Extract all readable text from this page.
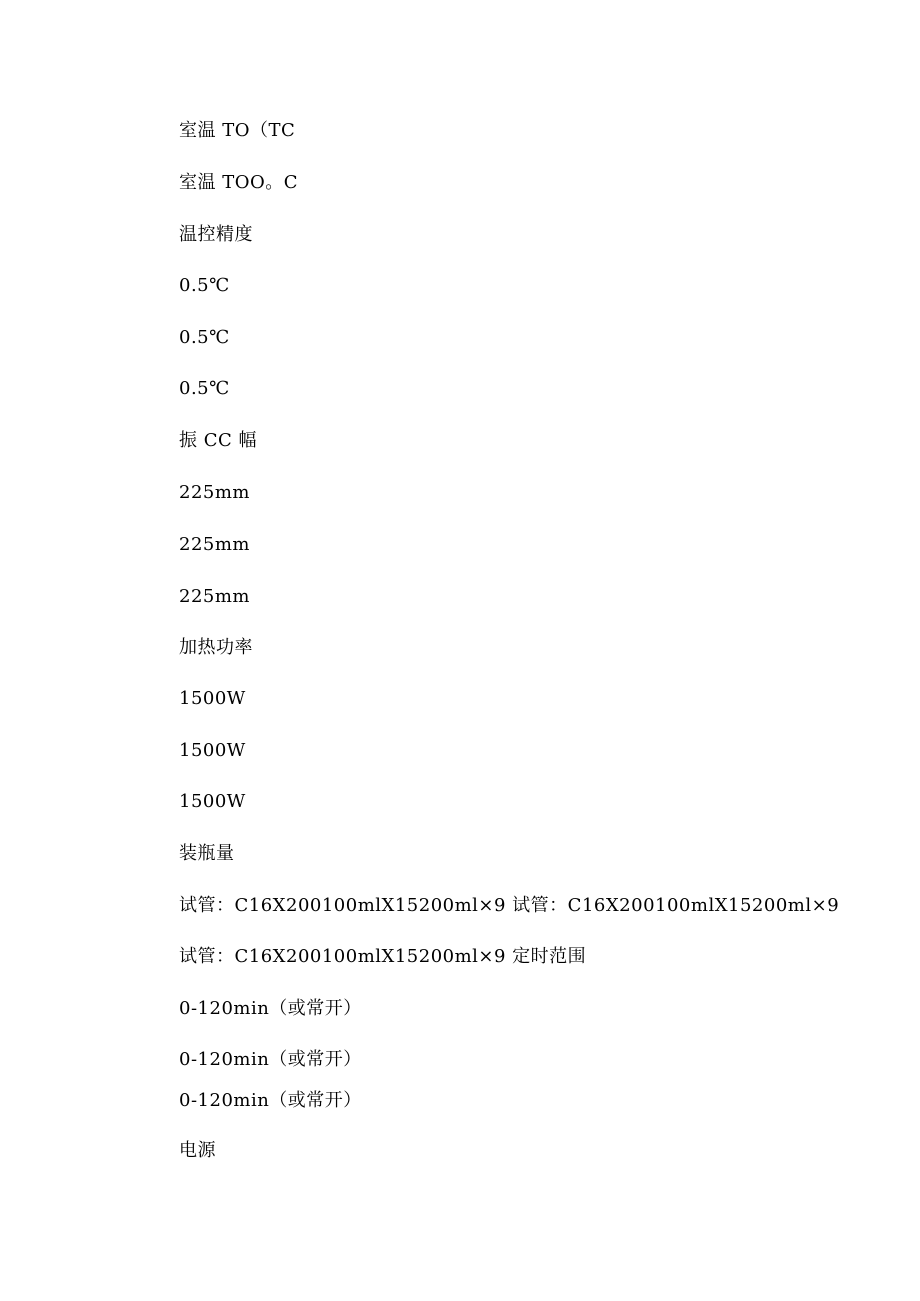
室温 TO（TC

室温 TOO。C

温控精度

0.5℃

0.5℃

0.5℃

振 CC 幅

225mm

225mm

225mm

加热功率

1500W

1500W

1500W

装瓶量

试管：C16X200100mlX15200ml×9 试管：C16X200100mlX15200ml×9

试管：C16X200100mlX15200ml×9 定时范围

0-120min（或常开）

0-120min（或常开）

0-120min（或常开）

电源
